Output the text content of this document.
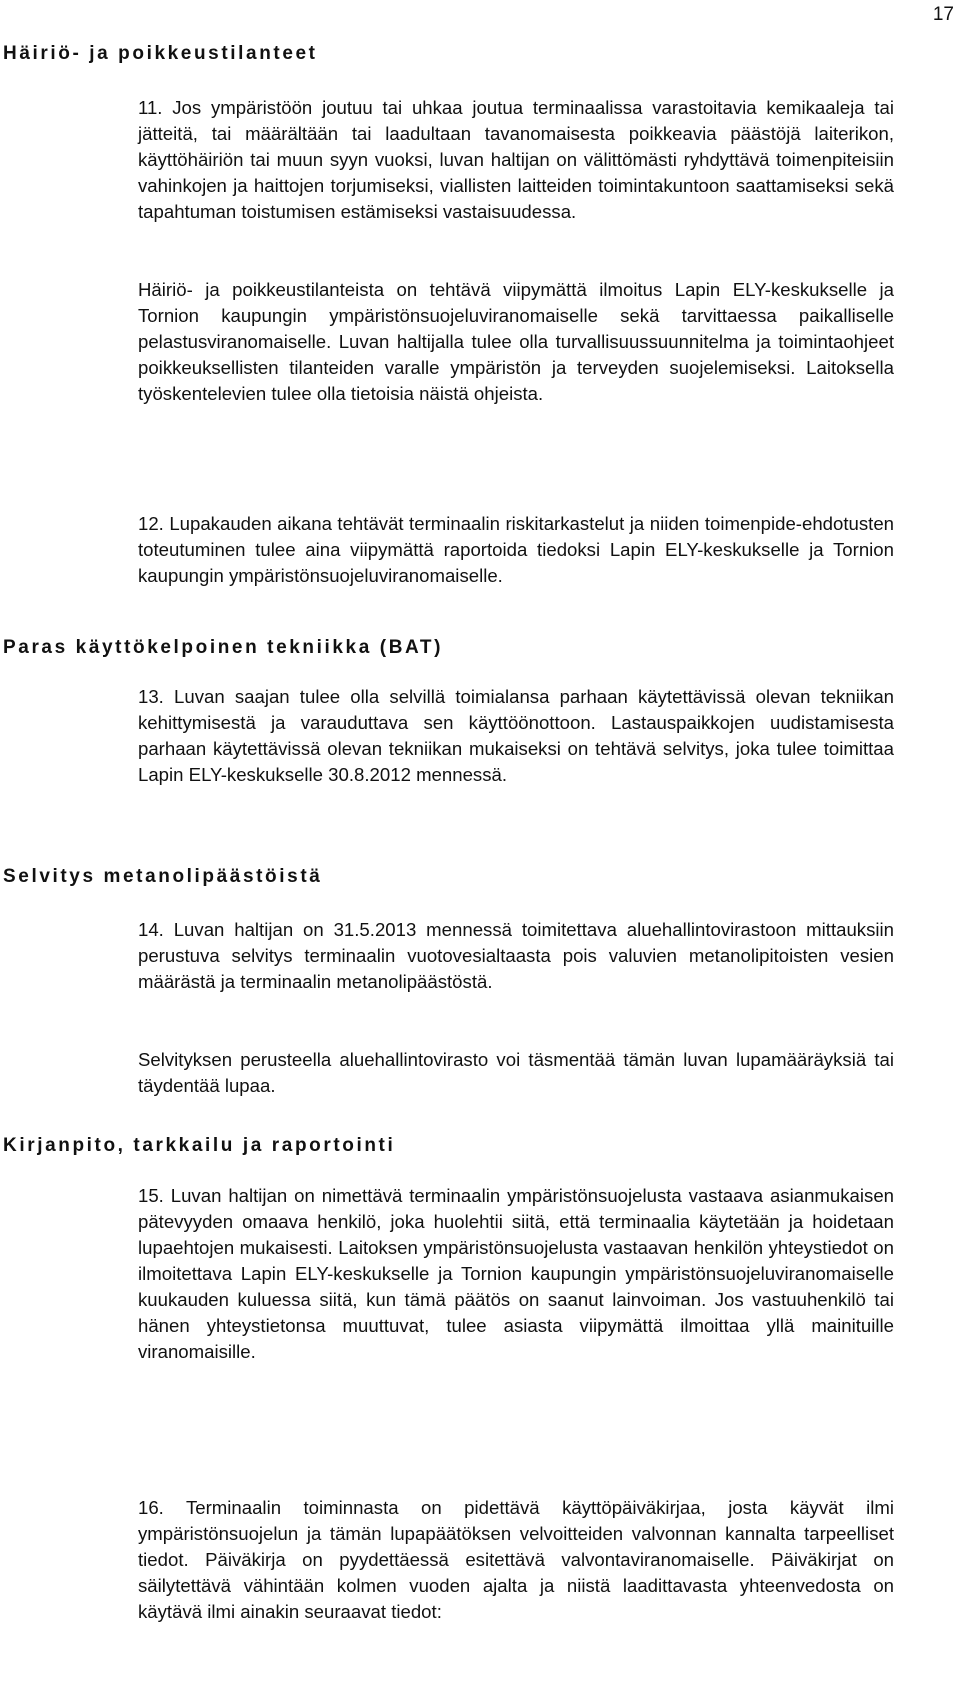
17
Häiriö- ja poikkeustilanteet

11. Jos ympäristöön joutuu tai uhkaa joutua terminaalissa varastoitavia kemikaaleja tai jätteitä, tai määrältään tai laadultaan tavanomaisesta poikkeavia päästöjä laiterikon, käyttöhäiriön tai muun syyn vuoksi, luvan haltijan on välittömästi ryhdyttävä toimenpiteisiin vahinkojen ja haittojen torjumiseksi, viallisten laitteiden toimintakuntoon saattamiseksi sekä tapahtuman toistumisen estämiseksi vastaisuudessa.

Häiriö- ja poikkeustilanteista on tehtävä viipymättä ilmoitus Lapin ELY-keskukselle ja Tornion kaupungin ympäristönsuojeluviranomaiselle sekä tarvittaessa paikalliselle pelastusviranomaiselle. Luvan haltijalla tulee olla turvallisuussuunnitelma ja toimintaohjeet poikkeuksellisten tilanteiden varalle ympäristön ja terveyden suojelemiseksi. Laitoksella työskentelevien tulee olla tietoisia näistä ohjeista.

12. Lupakauden aikana tehtävät terminaalin riskitarkastelut ja niiden toimenpide-ehdotusten toteutuminen tulee aina viipymättä raportoida tiedoksi Lapin ELY-keskukselle ja Tornion kaupungin ympäristönsuojeluviranomaiselle.

Paras käyttökelpoinen tekniikka (BAT)

13. Luvan saajan tulee olla selvillä toimialansa parhaan käytettävissä olevan tekniikan kehittymisestä ja varauduttava sen käyttöönottoon. Lastauspaikkojen uudistamisesta parhaan käytettävissä olevan tekniikan mukaiseksi on tehtävä selvitys, joka tulee toimittaa Lapin ELY-keskukselle 30.8.2012 mennessä.

Selvitys metanolipäästöistä

14. Luvan haltijan on 31.5.2013 mennessä toimitettava aluehallintovirastoon mittauksiin perustuva selvitys terminaalin vuotovesialtaasta pois valuvien metanolipitoisten vesien määrästä ja terminaalin metanolipäästöstä.

Selvityksen perusteella aluehallintovirasto voi täsmentää tämän luvan lupamääräyksiä tai täydentää lupaa.

Kirjanpito, tarkkailu ja raportointi

15. Luvan haltijan on nimettävä terminaalin ympäristönsuojelusta vastaava asianmukaisen pätevyyden omaava henkilö, joka huolehtii siitä, että terminaalia käytetään ja hoidetaan lupaehtojen mukaisesti. Laitoksen ympäristönsuojelusta vastaavan henkilön yhteystiedot on ilmoitettava Lapin ELY-keskukselle ja Tornion kaupungin ympäristönsuojeluviranomaiselle kuukauden kuluessa siitä, kun tämä päätös on saanut lainvoiman. Jos vastuuhenkilö tai hänen yhteystietonsa muuttuvat, tulee asiasta viipymättä ilmoittaa yllä mainituille viranomaisille.

16. Terminaalin toiminnasta on pidettävä käyttöpäiväkirjaa, josta käyvät ilmi ympäristönsuojelun ja tämän lupapäätöksen velvoitteiden valvonnan kannalta tarpeelliset tiedot. Päiväkirja on pyydettäessä esitettävä valvontaviranomaiselle. Päiväkirjat on säilytettävä vähintään kolmen vuoden ajalta ja niistä laadittavasta yhteenvedosta on käytävä ilmi ainakin seuraavat tiedot:
